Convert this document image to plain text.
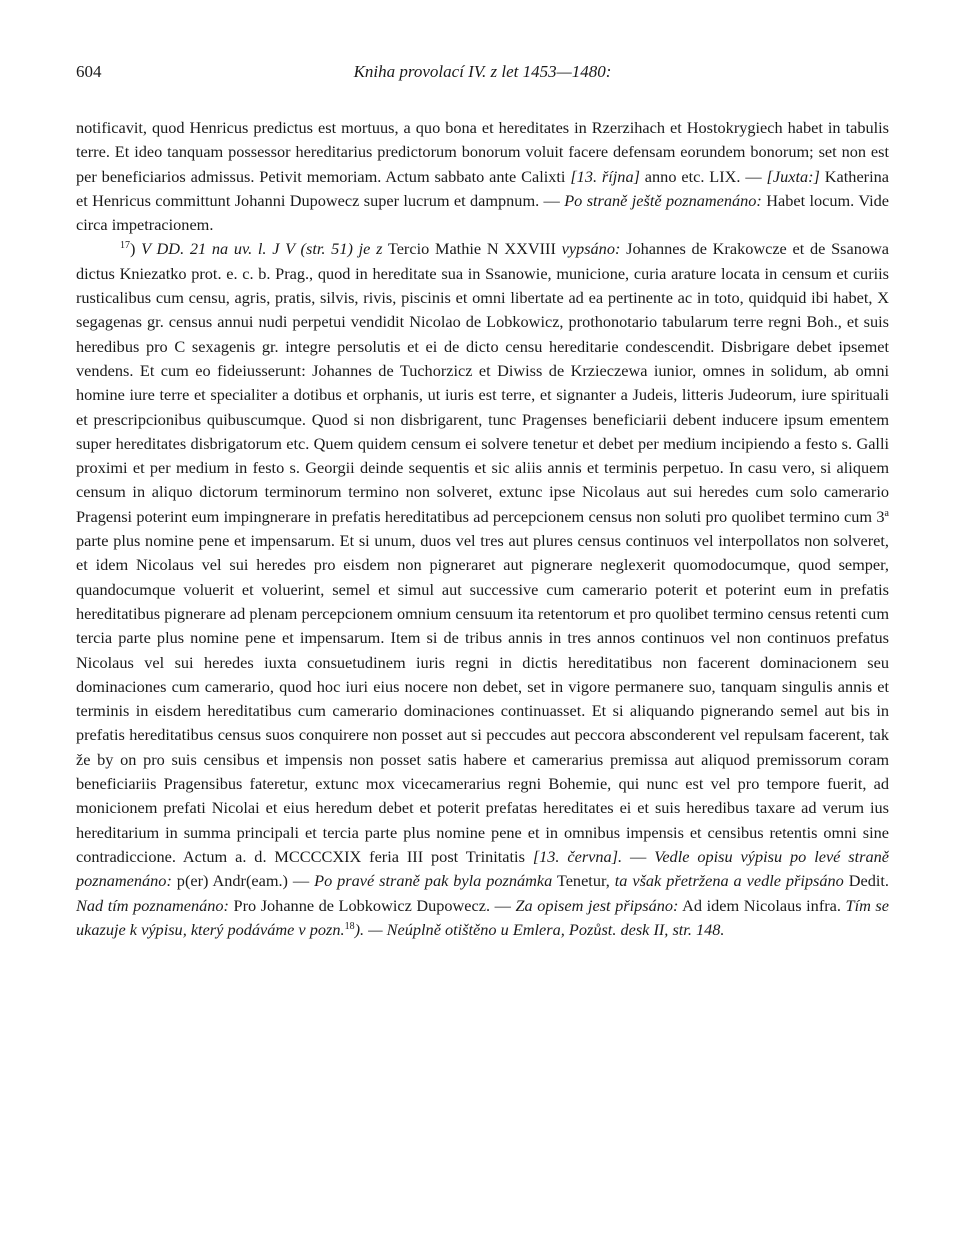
604	Kniha provolací IV. z let 1453—1480:

notificavit, quod Henricus predictus est mortuus, a quo bona et hereditates in Rzerzihach et Hostokrygiech habet in tabulis terre. Et ideo tanquam possessor hereditarius predictorum bonorum voluit facere defensam eorundem bonorum; set non est per beneficiarios admissus. Petivit memoriam. Actum sabbato ante Calixti [13. října] anno etc. LIX. — [Juxta:] Katherina et Henricus committunt Johanni Dupowecz super lucrum et dampnum. — Po straně ještě poznamenáno: Habet locum. Vide circa impetracionem.

$^{17}$) V DD. 21 na uv. l. J V (str. 51) je z Tercio Mathie N XXVIII vypsáno: Johannes de Krakowcze et de Ssanowa dictus Kniezatko prot. e. c. b. Prag., quod in hereditate sua in Ssanowie, municione, curia arature locata in censum et curiis rusticalibus cum censu, agris, pratis, silvis, rivis, piscinis et omni libertate ad ea pertinente ac in toto, quidquid ibi habet, X segagenas gr. census annui nudi perpetui vendidit Nicolao de Lobkowicz, prothonotario tabularum terre regni Boh., et suis heredibus pro C sexagenis gr. integre persolutis et ei de dicto censu hereditarie condescendit. Disbrigare debet ipsemet vendens. Et cum eo fideiusserunt: Johannes de Tuchorzicz et Diwiss de Krzieczewa iunior, omnes in solidum, ab omni homine iure terre et specialiter a dotibus et orphanis, ut iuris est terre, et signanter a Judeis, litteris Judeorum, iure spirituali et prescripcionibus quibuscumque. Quod si non disbrigarent, tunc Pragenses beneficiarii debent inducere ipsum ementem super hereditates disbrigatorum etc. Quem quidem censum ei solvere tenetur et debet per medium incipiendo a festo s. Galli proximi et per medium in festo s. Georgii deinde sequentis et sic aliis annis et terminis perpetuo. In casu vero, si aliquem censum in aliquo dictorum terminorum termino non solveret, extunc ipse Nicolaus aut sui heredes cum solo camerario Pragensi poterint eum impingnerare in prefatis hereditatibus ad percepcionem census non soluti pro quolibet termino cum 3$^a$ parte plus nomine pene et impensarum. Et si unum, duos vel tres aut plures census continuos vel interpollatos non solveret, et idem Nicolaus vel sui heredes pro eisdem non pigneraret aut pignerare neglexerit quomodocumque, quod semper, quandocumque voluerit et voluerint, semel et simul aut successive cum camerario poterit et poterint eum in prefatis hereditatibus pignerare ad plenam percepcionem omnium censuum ita retentorum et pro quolibet termino census retenti cum tercia parte plus nomine pene et impensarum. Item si de tribus annis in tres annos continuos vel non continuos prefatus Nicolaus vel sui heredes iuxta consuetudinem iuris regni in dictis hereditatibus non facerent dominacionem seu dominaciones cum camerario, quod hoc iuri eius nocere non debet, set in vigore permanere suo, tanquam singulis annis et terminis in eisdem hereditatibus cum camerario dominaciones continuasset. Et si aliquando pignerando semel aut bis in prefatis hereditatibus census suos conquirere non posset aut si peccudes aut peccora absconderent vel repulsam facerent, tak že by on pro suis censibus et impensis non posset satis habere et camerarius premissa aut aliquod premissorum coram beneficiariis Pragensibus fateretur, extunc mox vicecamerarius regni Bohemie, qui nunc est vel pro tempore fuerit, ad monicionem prefati Nicolai et eius heredum debet et poterit prefatas hereditates ei et suis heredibus taxare ad verum ius hereditarium in summa principali et tercia parte plus nomine pene et in omnibus impensis et censibus retentis omni sine contradiccione. Actum a. d. MCCCCXIX feria III post Trinitatis [13. června]. — Vedle opisu výpisu po levé straně poznamenáno: p(er) Andr(eam.) — Po pravé straně pak byla poznámka Tenetur, ta však přetržena a vedle připsáno Dedit. Nad tím poznamenáno: Pro Johanne de Lobkowicz Dupowecz. — Za opisem jest připsáno: Ad idem Nicolaus infra. Tím se ukazuje k výpisu, který podáváme v pozn.$^{18}$). — Neúplně otištěno u Emlera, Pozůst. desk II, str. 148.
